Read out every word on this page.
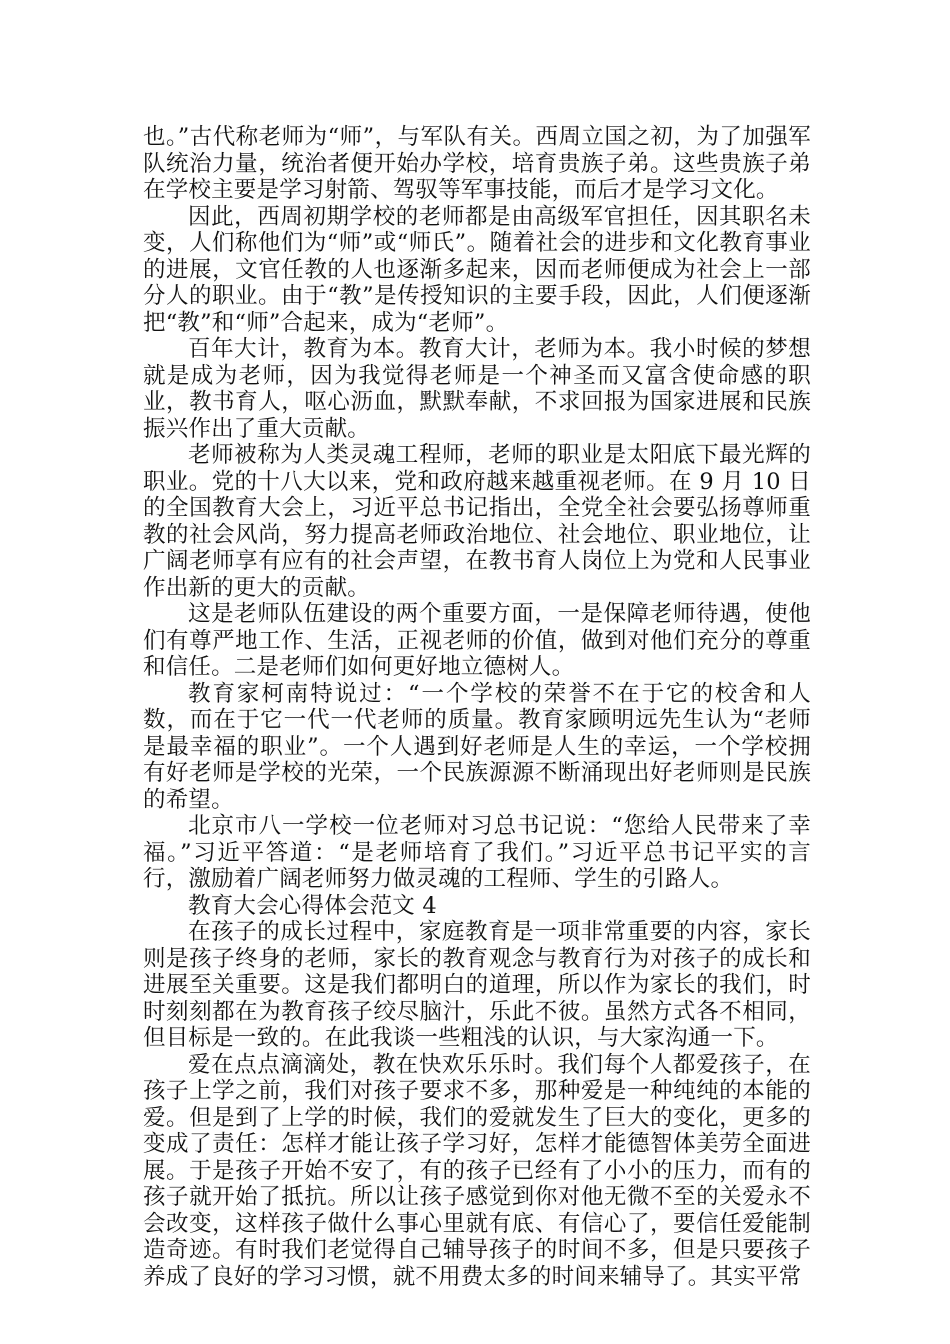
也。”古代称老师为“师”，与军队有关。西周立国之初，为了加强军队统治力量，统治者便开始办学校，培育贵族子弟。这些贵族子弟在学校主要是学习射箭、驾驭等军事技能，而后才是学习文化。

因此，西周初期学校的老师都是由高级军官担任，因其职名未变，人们称他们为“师”或“师氏”。随着社会的进步和文化教育事业的进展，文官任教的人也逐渐多起来，因而老师便成为社会上一部分人的职业。由于“教”是传授知识的主要手段，因此，人们便逐渐把“教”和“师”合起来，成为“老师”。

百年大计，教育为本。教育大计，老师为本。我小时候的梦想就是成为老师，因为我觉得老师是一个神圣而又富含使命感的职业，教书育人，呕心沥血，默默奉献，不求回报为国家进展和民族振兴作出了重大贡献。

老师被称为人类灵魂工程师，老师的职业是太阳底下最光辉的职业。党的十八大以来，党和政府越来越重视老师。在 9 月 10 日的全国教育大会上，习近平总书记指出，全党全社会要弘扬尊师重教的社会风尚，努力提高老师政治地位、社会地位、职业地位，让广阔老师享有应有的社会声望，在教书育人岗位上为党和人民事业作出新的更大的贡献。

这是老师队伍建设的两个重要方面，一是保障老师待遇，使他们有尊严地工作、生活，正视老师的价值，做到对他们充分的尊重和信任。二是老师们如何更好地立德树人。

教育家柯南特说过：“一个学校的荣誉不在于它的校舍和人数，而在于它一代一代老师的质量。教育家顾明远先生认为“老师是最幸福的职业”。一个人遇到好老师是人生的幸运，一个学校拥有好老师是学校的光荣，一个民族源源不断涌现出好老师则是民族的希望。

北京市八一学校一位老师对习总书记说：“您给人民带来了幸福。”习近平答道：“是老师培育了我们。”习近平总书记平实的言行，激励着广阔老师努力做灵魂的工程师、学生的引路人。

教育大会心得体会范文 4

在孩子的成长过程中，家庭教育是一项非常重要的内容，家长则是孩子终身的老师，家长的教育观念与教育行为对孩子的成长和进展至关重要。这是我们都明白的道理，所以作为家长的我们，时时刻刻都在为教育孩子绞尽脑汁，乐此不彼。虽然方式各不相同，但目标是一致的。在此我谈一些粗浅的认识，与大家沟通一下。

爱在点点滴滴处，教在快欢乐乐时。我们每个人都爱孩子，在孩子上学之前，我们对孩子要求不多，那种爱是一种纯纯的本能的爱。但是到了上学的时候，我们的爱就发生了巨大的变化，更多的变成了责任：怎样才能让孩子学习好，怎样才能德智体美劳全面进展。于是孩子开始不安了，有的孩子已经有了小小的压力，而有的孩子就开始了抵抗。所以让孩子感觉到你对他无微不至的关爱永不会改变，这样孩子做什么事心里就有底、有信心了，要信任爱能制造奇迹。有时我们老觉得自己辅导孩子的时间不多，但是只要孩子养成了良好的学习习惯，就不用费太多的时间来辅导了。其实平常
